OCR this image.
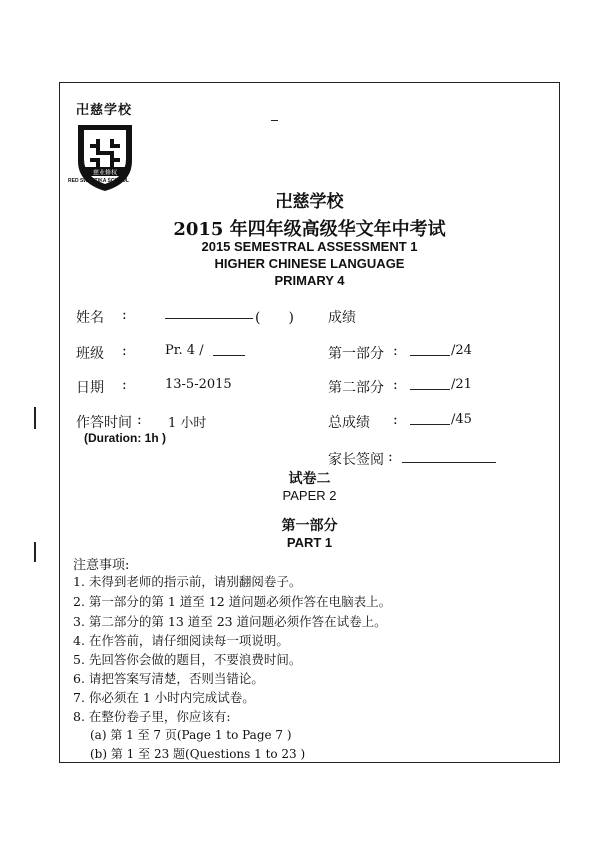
卍慈学校
慈业修权
RED SWASTIKA SCHOOL
卍慈学校
2015 年四年级高级华文年中考试
2015 SEMESTRAL ASSESSMENT 1
HIGHER CHINESE LANGUAGE
PRIMARY 4
姓名 :	(　　) 成绩
班级 :	Pr. 4 /	第一部分 :	/24
日期 :	13-5-2015	第二部分 :	/21
作答时间 : 1 小时	总成绩 :	/45
(Duration: 1h )
家长签阅 :
试卷二
PAPER 2
第一部分
PART 1
注意事项:
1. 未得到老师的指示前，请别翻阅卷子。
2. 第一部分的第 1 道至 12 道问题必须作答在电脑表上。
3. 第二部分的第 13 道至 23 道问题必须作答在试卷上。
4. 在作答前，请仔细阅读每一项说明。
5. 先回答你会做的题目，不要浪费时间。
6. 请把答案写清楚，否则当错论。
7. 你必须在 1 小时内完成试卷。
8. 在整份卷子里，你应该有:
(a) 第 1 至 7 页(Page 1 to Page 7 )
(b) 第 1 至 23 题(Questions 1 to 23 )
